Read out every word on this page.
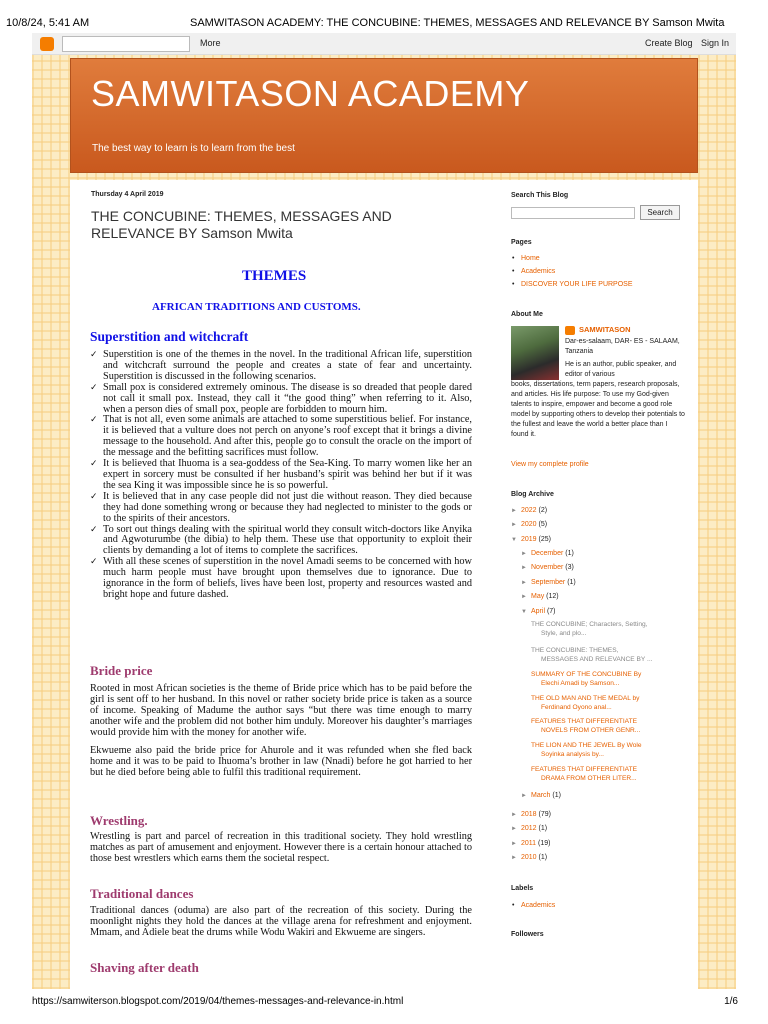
10/8/24, 5:41 AM	SAMWITASON ACADEMY: THE CONCUBINE: THEMES, MESSAGES AND RELEVANCE BY Samson Mwita
More	Create Blog Sign In
SAMWITASON ACADEMY
The best way to learn is to learn from the best
Thursday 4 April 2019
THE CONCUBINE: THEMES, MESSAGES AND RELEVANCE BY Samson Mwita
THEMES
AFRICAN TRADITIONS AND CUSTOMS.
Superstition and witchcraft
✓ Superstition is one of the themes in the novel. In the traditional African life, superstition and witchcraft surround the people and creates a state of fear and uncertainty. Superstition is discussed in the following scenarios.
✓ Small pox is considered extremely ominous. The disease is so dreaded that people dared not call it small pox. Instead, they call it “the good thing” when referring to it. Also, when a person dies of small pox, people are forbidden to mourn him.
✓ That is not all, even some animals are attached to some superstitious belief. For instance, it is believed that a vulture does not perch on anyone’s roof except that it brings a divine message to the household. And after this, people go to consult the oracle on the import of the message and the befitting sacrifices must follow.
✓ It is believed that Ihuoma is a sea-goddess of the Sea-King. To marry women like her an expert in sorcery must be consulted if her husband’s spirit was behind her but if it was the sea King it was impossible since he is so powerful.
✓ It is believed that in any case people did not just die without reason. They died because they had done something wrong or because they had neglected to minister to the gods or to the spirits of their ancestors.
✓ To sort out things dealing with the spiritual world they consult witch-doctors like Anyika and Agwoturumbe (the dibia) to help them. These use that opportunity to exploit their clients by demanding a lot of items to complete the sacrifices.
✓ With all these scenes of superstition in the novel Amadi seems to be concerned with how much harm people must have brought upon themselves due to ignorance. Due to ignorance in the form of beliefs, lives have been lost, property and resources wasted and bright hope and future dashed.
Bride price
Rooted in most African societies is the theme of Bride price which has to be paid before the girl is sent off to her husband. In this novel or rather society bride price is taken as a source of income. Speaking of Madume the author says “but there was time enough to marry another wife and the problem did not bother him unduly. Moreover his daughter’s marriages would provide him with the money for another wife.
Ekwueme also paid the bride price for Ahurole and it was refunded when she fled back home and it was to be paid to Ihuoma’s brother in law (Nnadi) before he got harried to her but he died before being able to fulfil this traditional requirement.
Wrestling.
Wrestling is part and parcel of recreation in this traditional society. They hold wrestling matches as part of amusement and enjoyment. However there is a certain honour attached to those best wrestlers which earns them the societal respect.
Traditional dances
Traditional dances (oduma) are also part of the recreation of this society. During the moonlight nights they hold the dances at the village arena for refreshment and enjoyment. Mmam, and Adiele beat the drums while Wodu Wakiri and Ekwueme are singers.
Shaving after death
Search This Blog
Search
Pages
• Home
• Academics
• DISCOVER YOUR LIFE PURPOSE
About Me
SAMWITASON
Dar-es-salaam, DAR- ES - SALAAM, Tanzania
He is an author, public speaker, and editor of various
books, dissertations, term papers, research proposals, and articles. His life purpose: To use my God-given talents to inspire, empower and become a good role model by supporting others to develop their potentials to the fullest and leave the world a better place than I found it.
View my complete profile
Blog Archive
► 2022 (2)
► 2020 (5)
▼ 2019 (25)
► December (1)
► November (3)
► September (1)
► May (12)
▼ April (7)
► March (1)
► 2018 (79)
► 2012 (1)
► 2011 (19)
► 2010 (1)
THE CONCUBINE; Characters, Setting,
Style, and plo...
THE CONCUBINE: THEMES,
MESSAGES AND RELEVANCE BY ...
SUMMARY OF THE CONCUBINE By
Elechi Amadi by Samson...
THE OLD MAN AND THE MEDAL by
Ferdinand Oyono anal...
FEATURES THAT DIFFERENTIATE
NOVELS FROM OTHER GENR...
THE LION AND THE JEWEL By Wole
Soyinka analysis by...
FEATURES THAT DIFFERENTIATE
DRAMA FROM OTHER LITER...
Labels
• Academics
Followers
https://samwiterson.blogspot.com/2019/04/themes-messages-and-relevance-in.html	1/6
